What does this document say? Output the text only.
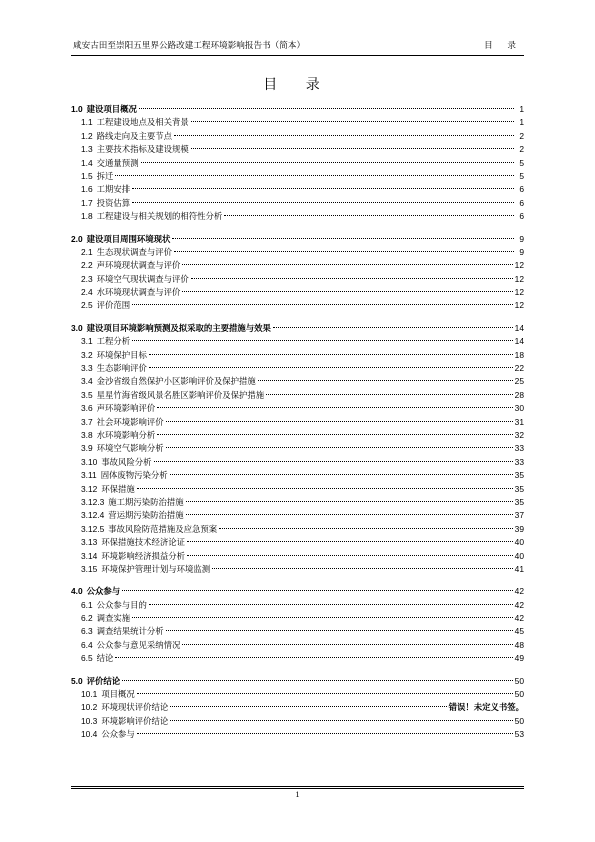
咸安古田至崇阳五里界公路改建工程环境影响报告书（简本）	目 录
目 录
1.0 建设项目概况	1
1.1 工程建设地点及相关背景	1
1.2 路线走向及主要节点	2
1.3 主要技术指标及建设规模	2
1.4 交通量预测	5
1.5 拆迁	5
1.6 工期安排	6
1.7 投资估算	6
1.8 工程建设与相关规划的相符性分析	6
2.0 建设项目周围环境现状	9
2.1 生态现状调查与评价	9
2.2 声环境现状调查与评价	12
2.3 环境空气现状调查与评价	12
2.4 水环境现状调查与评价	12
2.5 评价范围	12
3.0 建设项目环境影响预测及拟采取的主要措施与效果	14
3.1 工程分析	14
3.2 环境保护目标	18
3.3 生态影响评价	22
3.4 金沙省级自然保护小区影响评价及保护措施	25
3.5 星星竹海省级风景名胜区影响评价及保护措施	28
3.6 声环境影响评价	30
3.7 社会环境影响评价	31
3.8 水环境影响分析	32
3.9 环境空气影响分析	33
3.10 事故风险分析	33
3.11 固体废物污染分析	35
3.12 环保措施	35
3.12.3 施工期污染防治措施	35
3.12.4 营运期污染防治措施	37
3.12.5 事故风险防范措施及应急预案	39
3.13 环保措施技术经济论证	40
3.14 环境影响经济损益分析	40
3.15 环境保护管理计划与环境监测	41
4.0 公众参与	42
6.1 公众参与目的	42
6.2 调查实施	42
6.3 调查结果统计分析	45
6.4 公众参与意见采纳情况	48
6.5 结论	49
5.0 评价结论	50
10.1 项目概况	50
10.2 环境现状评价结论	错误！未定义书签。
10.3 环境影响评价结论	50
10.4 公众参与	53
1
